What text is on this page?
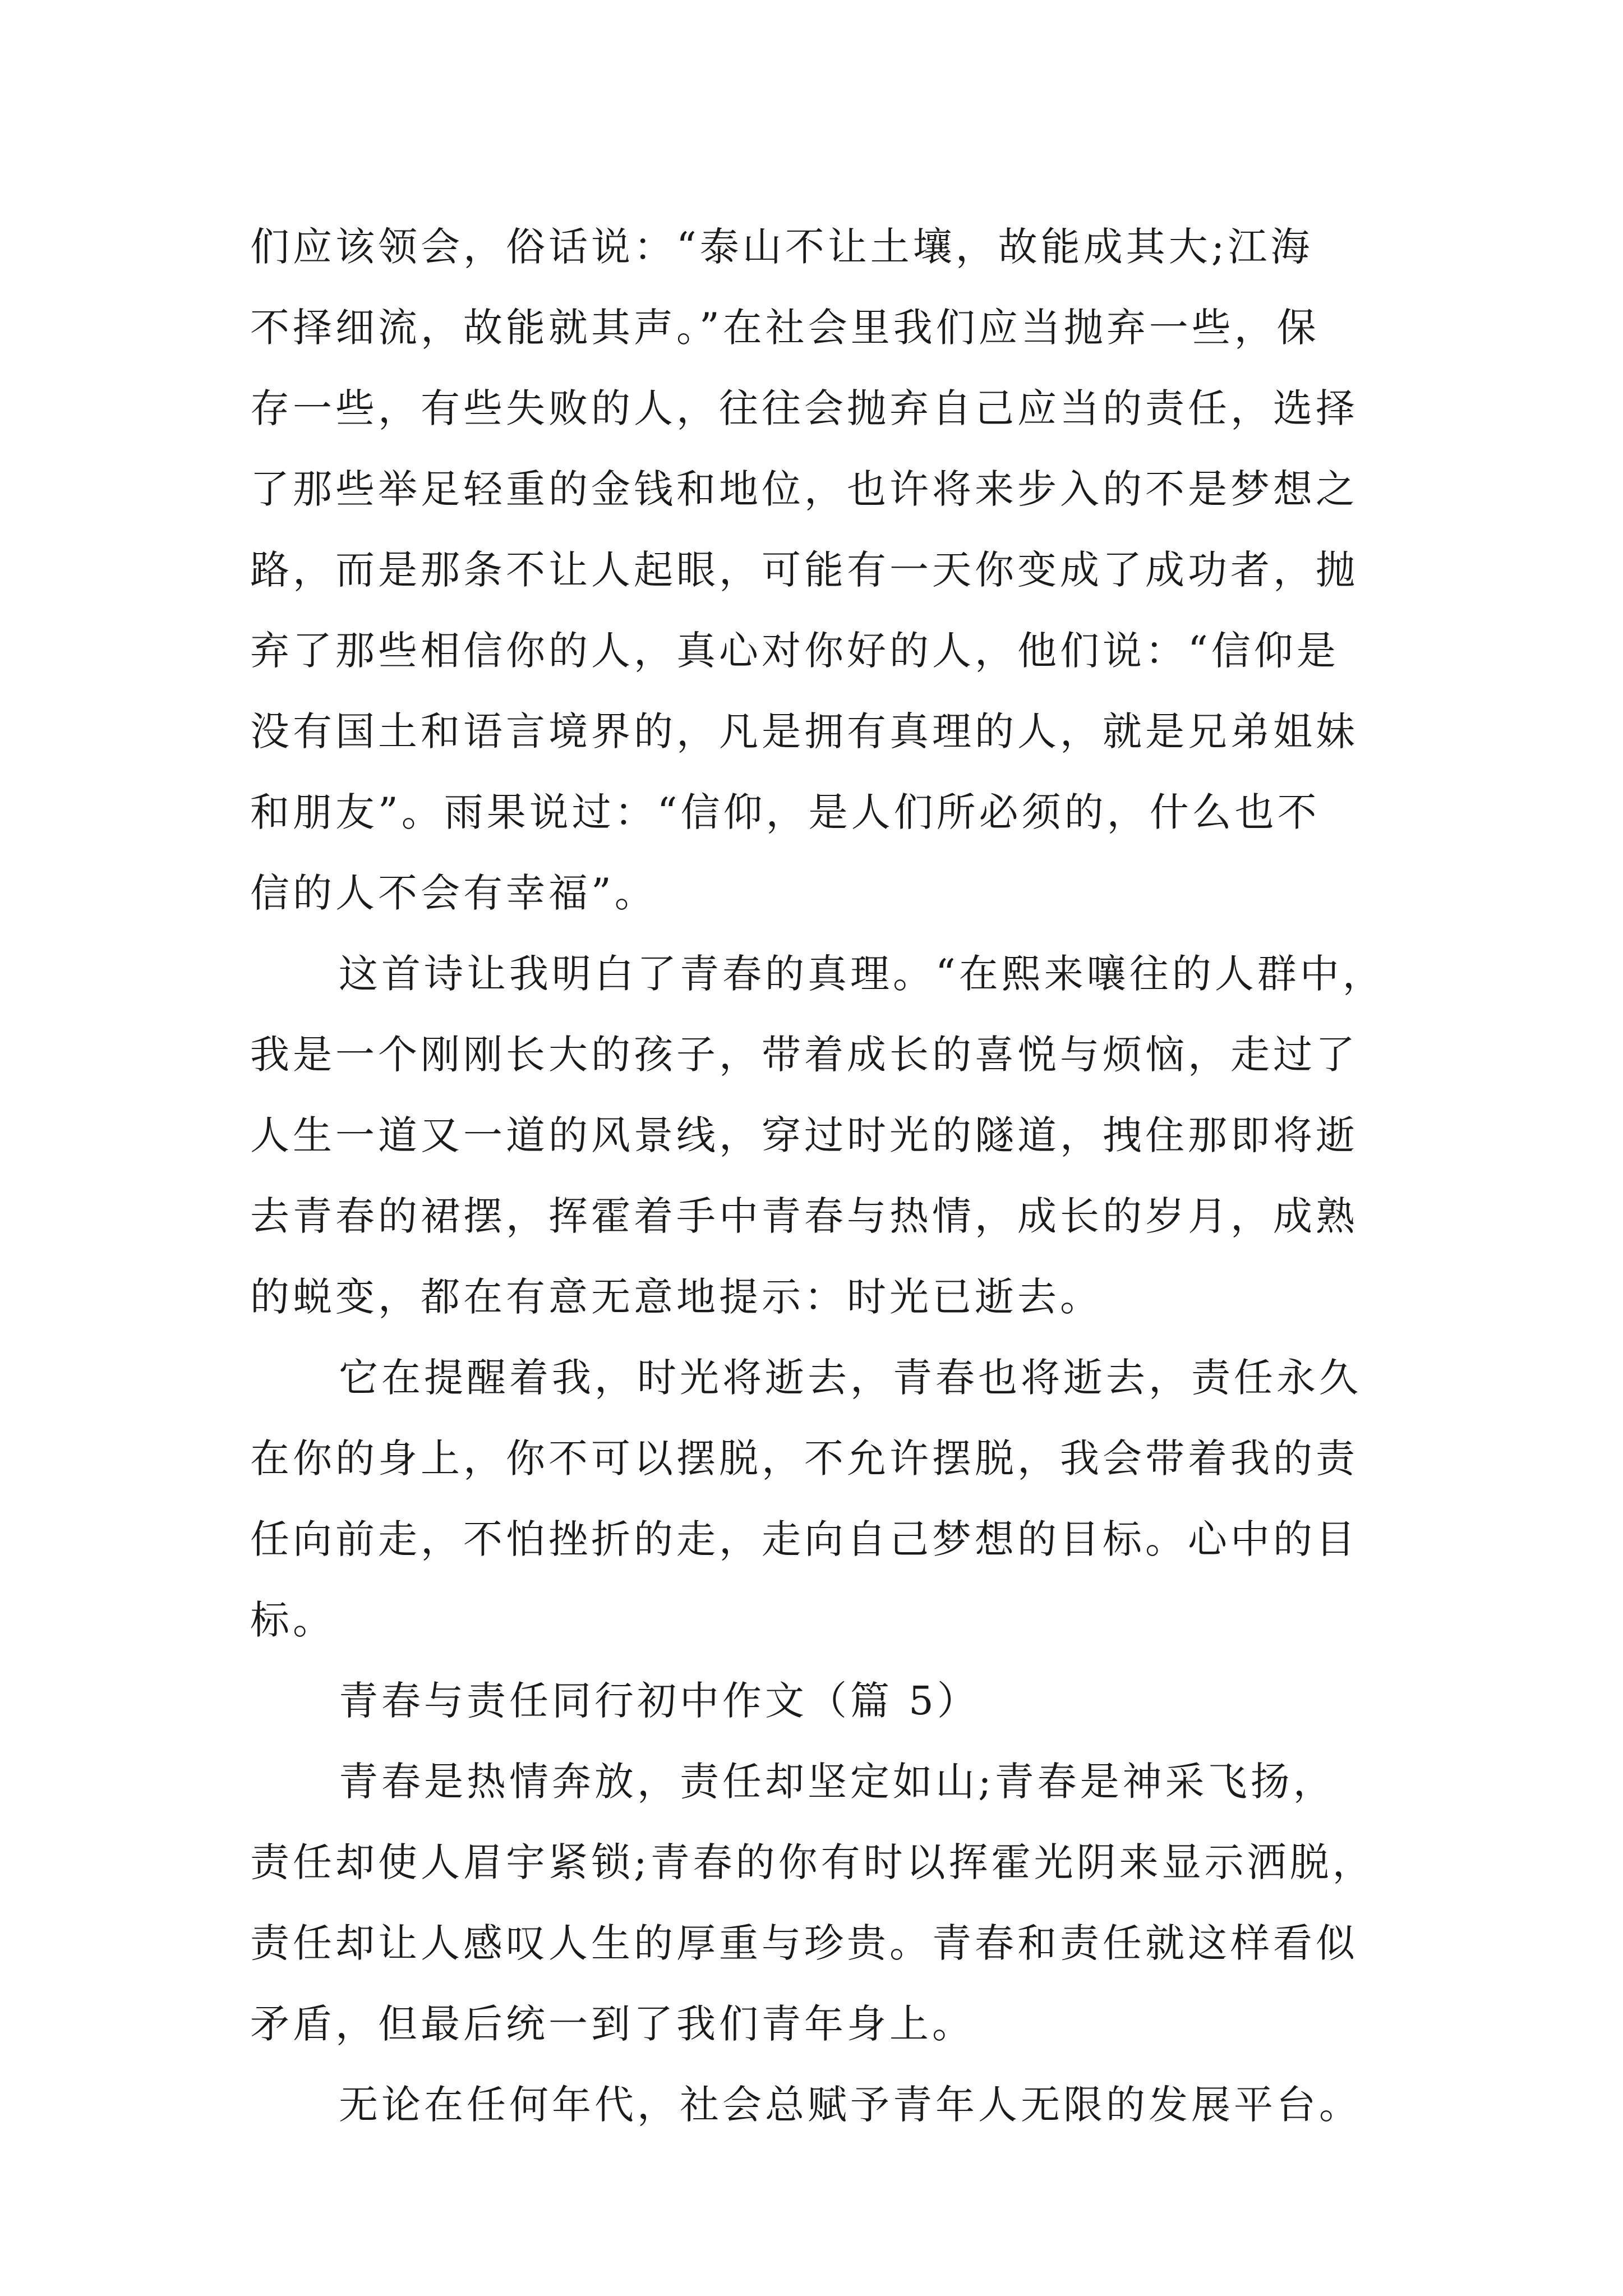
们应该领会，俗话说：“泰山不让土壤，故能成其大;江海
不择细流，故能就其声。”在社会里我们应当抛弃一些，保
存一些，有些失败的人，往往会抛弃自己应当的责任，选择
了那些举足轻重的金钱和地位，也许将来步入的不是梦想之
路，而是那条不让人起眼，可能有一天你变成了成功者，抛
弃了那些相信你的人，真心对你好的人，他们说：“信仰是
没有国土和语言境界的，凡是拥有真理的人，就是兄弟姐妹
和朋友”。雨果说过：“信仰，是人们所必须的，什么也不
信的人不会有幸福”。
这首诗让我明白了青春的真理。“在熙来嚷往的人群中，
我是一个刚刚长大的孩子，带着成长的喜悦与烦恼，走过了
人生一道又一道的风景线，穿过时光的隧道，拽住那即将逝
去青春的裙摆，挥霍着手中青春与热情，成长的岁月，成熟
的蜕变，都在有意无意地提示：时光已逝去。
它在提醒着我，时光将逝去，青春也将逝去，责任永久
在你的身上，你不可以摆脱，不允许摆脱，我会带着我的责
任向前走，不怕挫折的走，走向自己梦想的目标。心中的目
标。
青春与责任同行初中作文（篇 5）
青春是热情奔放，责任却坚定如山;青春是神采飞扬，
责任却使人眉宇紧锁;青春的你有时以挥霍光阴来显示洒脱，
责任却让人感叹人生的厚重与珍贵。青春和责任就这样看似
矛盾，但最后统一到了我们青年身上。
无论在任何年代，社会总赋予青年人无限的发展平台。
